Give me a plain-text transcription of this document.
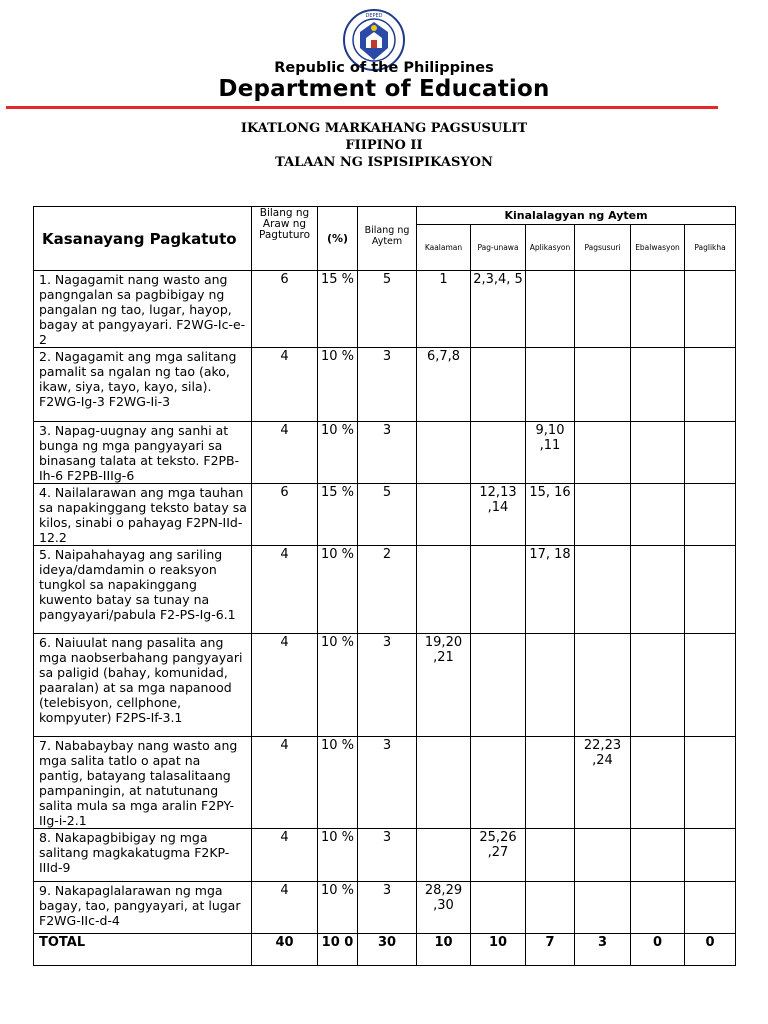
DEPED
Republic of the Philippines
Department of Education
IKATLONG MARKAHANG PAGSUSULIT
FIIPINO II
TALAAN NG ISPISIPIKASYON
Kasanayang Pagkatuto	Bilang ng Araw ng Pagtuturo	(%)	Bilang ng Aytem	Kinalalagyan ng Aytem					
				Kaalaman	Pag-unawa	Aplikasyon	Pagsusuri	Ebalwasyon	Paglikha
1. Nagagamit nang wasto ang pangngalan sa pagbibigay ng pangalan ng tao, lugar, hayop, bagay at pangyayari. F2WG-Ic-e-2	6	15 %	5	1	2,3,4, 5				
2. Nagagamit ang mga salitang pamalit sa ngalan ng tao (ako, ikaw, siya, tayo, kayo, sila). F2WG-Ig-3 F2WG-Ii-3	4	10 %	3	6,7,8					
3. Napag-uugnay ang sanhi at bunga ng mga pangyayari sa binasang talata at teksto. F2PB-Ih-6 F2PB-IIIg-6	4	10 %	3			9,10 ,11			
4. Nailalarawan ang mga tauhan sa napakinggang teksto batay sa kilos, sinabi o pahayag F2PN-IId-12.2	6	15 %	5		12,13 ,14	15, 16			
5. Naipahahayag ang sariling ideya/damdamin o reaksyon tungkol sa napakinggang kuwento batay sa tunay na pangyayari/pabula F2-PS-Ig-6.1	4	10 %	2			17, 18			
6. Naiuulat nang pasalita ang mga naobserbahang pangyayari sa paligid (bahay, komunidad, paaralan) at sa mga napanood (telebisyon, cellphone, kompyuter) F2PS-If-3.1	4	10 %	3	19,20 ,21					
7. Nababaybay nang wasto ang mga salita tatlo o apat na pantig, batayang talasalitaang pampaningin, at natutunang salita mula sa mga aralin F2PY-IIg-i-2.1	4	10 %	3				22,23 ,24		
8. Nakapagbibigay ng mga salitang magkakatugma F2KP-IIId-9	4	10 %	3		25,26 ,27				
9. Nakapaglalarawan ng mga bagay, tao, pangyayari, at lugar F2WG-IIc-d-4	4	10 %	3	28,29 ,30					
TOTAL	40	10 0	30	10	10	7	3	0	0
